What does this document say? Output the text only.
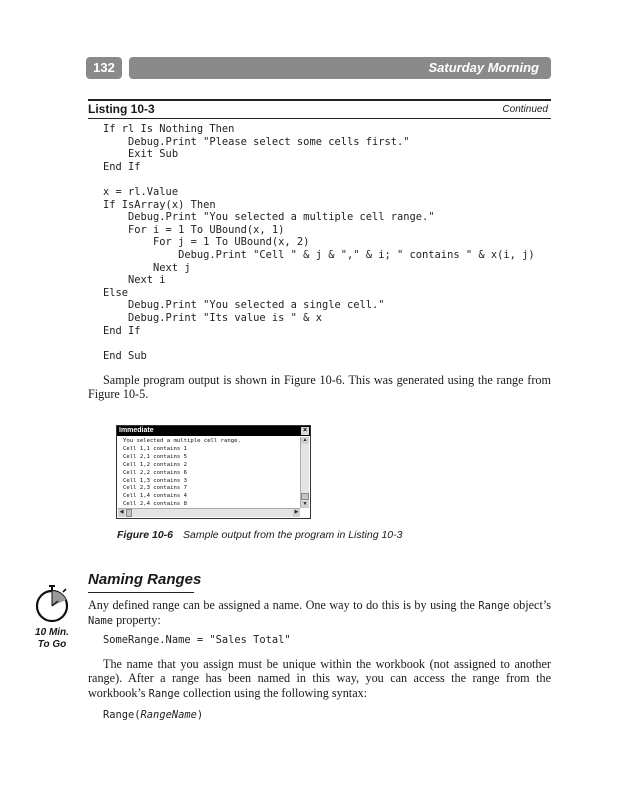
132	Saturday Morning
Listing 10-3	Continued
If rl Is Nothing Then
Debug.Print "Please select some cells first."
Exit Sub
End If
x = rl.Value
If IsArray(x) Then
Debug.Print "You selected a multiple cell range."
For i = 1 To UBound(x, 1)
For j = 1 To UBound(x, 2)
Debug.Print "Cell " & j & "," & i; " contains " & x(i, j)
Next j
Next i
Else
Debug.Print "You selected a single cell."
Debug.Print "Its value is " & x
End If
End Sub

Sample program output is shown in Figure 10-6. This was generated using the range from Figure 10-5.

Immediate	×
You selected a multiple cell range.
Cell 1,1 contains 1
Cell 2,1 contains 5
Cell 1,2 contains 2
Cell 2,2 contains 6
Cell 1,3 contains 3
Cell 2,3 contains 7
Cell 1,4 contains 4
Cell 2,4 contains 8
▲
▼
◀	▶
Figure 10-6 Sample output from the program in Listing 10-3
10 Min.
To Go
Naming Ranges

Any defined range can be assigned a name. One way to do this is by using the Range object’s Name property:

SomeRange.Name = "Sales Total"

The name that you assign must be unique within the workbook (not assigned to another range). After a range has been named in this way, you can access the range from the workbook’s Range collection using the following syntax:

Range(RangeName)
